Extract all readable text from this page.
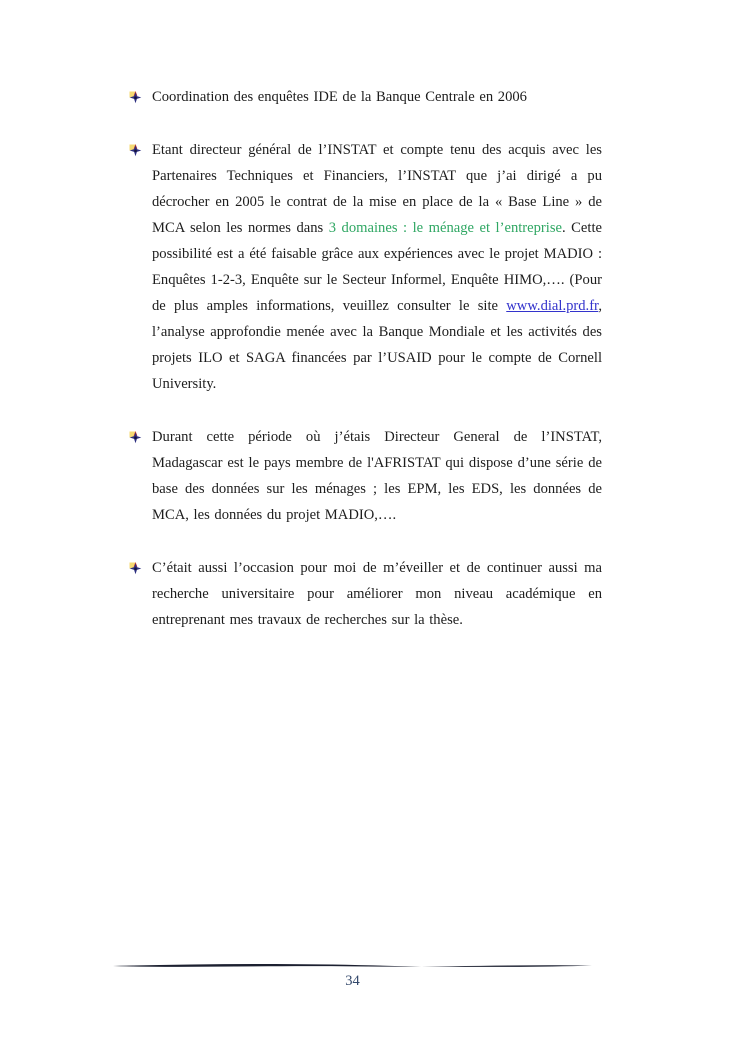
Coordination des enquêtes IDE de la Banque Centrale en 2006
Etant directeur général de l’INSTAT et compte tenu des acquis avec les Partenaires Techniques et Financiers, l’INSTAT que j’ai dirigé a pu décrocher en 2005 le contrat de la mise en place de la « Base Line » de MCA selon les normes dans 3 domaines : le ménage et l’entreprise. Cette possibilité est a été faisable grâce aux expériences avec le projet MADIO : Enquêtes 1-2-3, Enquête sur le Secteur Informel, Enquête HIMO,…. (Pour de plus amples informations, veuillez consulter le site www.dial.prd.fr, l’analyse approfondie menée avec la Banque Mondiale et les activités des projets ILO et SAGA financées par l’USAID pour le compte de Cornell University.
Durant cette période où j’étais Directeur General de l’INSTAT, Madagascar est le pays membre de l'AFRISTAT qui dispose d’une série de base des données sur les ménages ; les EPM, les EDS, les données de MCA, les données du projet MADIO,….
C’était aussi l’occasion pour moi de m’éveiller et de continuer aussi ma recherche universitaire pour améliorer mon niveau académique en entreprenant mes travaux de recherches sur la thèse.
34
